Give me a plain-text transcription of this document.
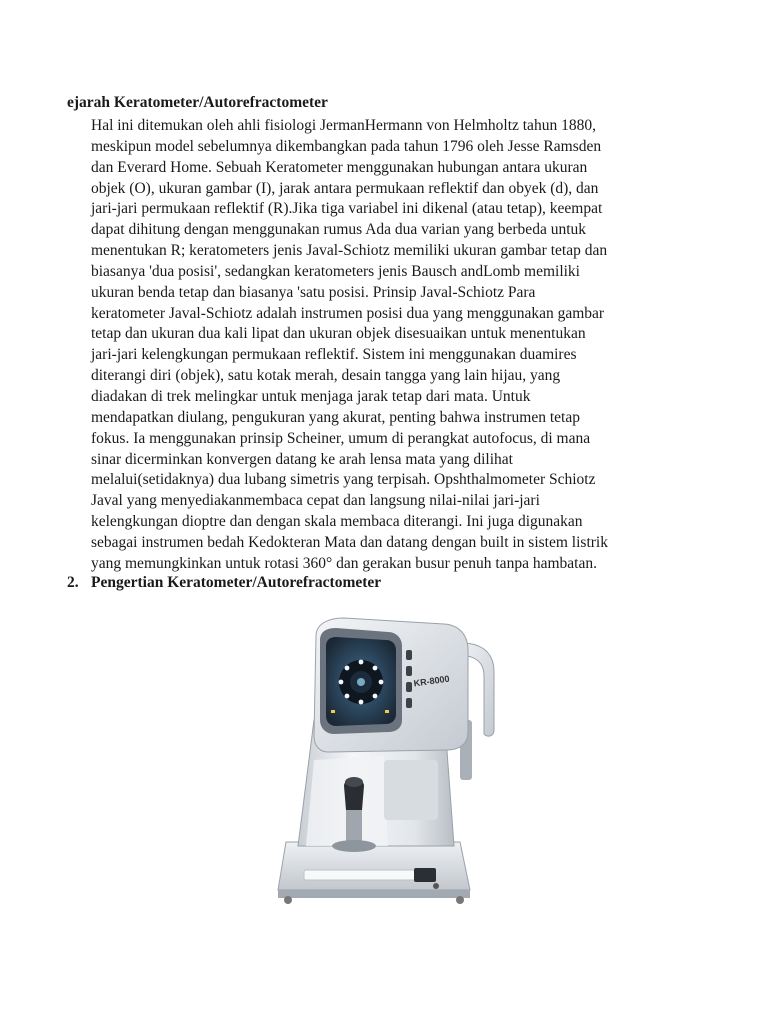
ejarah Keratometer/Autorefractometer
Hal ini ditemukan oleh ahli fisiologi JermanHermann von Helmholtz tahun 1880,
meskipun model sebelumnya dikembangkan pada tahun 1796 oleh Jesse Ramsden
dan Everard Home. Sebuah Keratometer menggunakan hubungan antara ukuran
objek (O), ukuran gambar (I), jarak antara permukaan reflektif dan obyek (d), dan
jari-jari permukaan reflektif (R).Jika tiga variabel ini dikenal (atau tetap), keempat
dapat dihitung dengan menggunakan rumus Ada dua varian yang berbeda untuk
menentukan R; keratometers jenis Javal-Schiotz memiliki ukuran gambar tetap dan
biasanya 'dua posisi', sedangkan keratometers jenis Bausch andLomb memiliki
ukuran benda tetap dan biasanya 'satu posisi. Prinsip Javal-Schiotz Para
keratometer Javal-Schiotz adalah instrumen posisi dua yang menggunakan gambar
tetap dan ukuran dua kali lipat dan ukuran objek disesuaikan untuk menentukan
jari-jari kelengkungan permukaan reflektif. Sistem ini menggunakan duamires
diterangi diri (objek), satu kotak merah, desain tangga yang lain hijau, yang
diadakan di trek melingkar untuk menjaga jarak tetap dari mata. Untuk
mendapatkan diulang, pengukuran yang akurat, penting bahwa instrumen tetap
fokus. Ia menggunakan prinsip Scheiner, umum di perangkat autofocus, di mana
sinar dicerminkan konvergen datang ke arah lensa mata yang dilihat
melalui(setidaknya) dua lubang simetris yang terpisah. Opshthalmometer Schiotz
Javal yang menyediakanmembaca cepat dan langsung nilai-nilai jari-jari
kelengkungan dioptre dan dengan skala membaca diterangi. Ini juga digunakan
sebagai instrumen bedah Kedokteran Mata dan datang dengan built in sistem listrik
yang memungkinkan untuk rotasi 360° dan gerakan busur penuh tanpa hambatan.
2. Pengertian Keratometer/Autorefractometer
KR-8000
